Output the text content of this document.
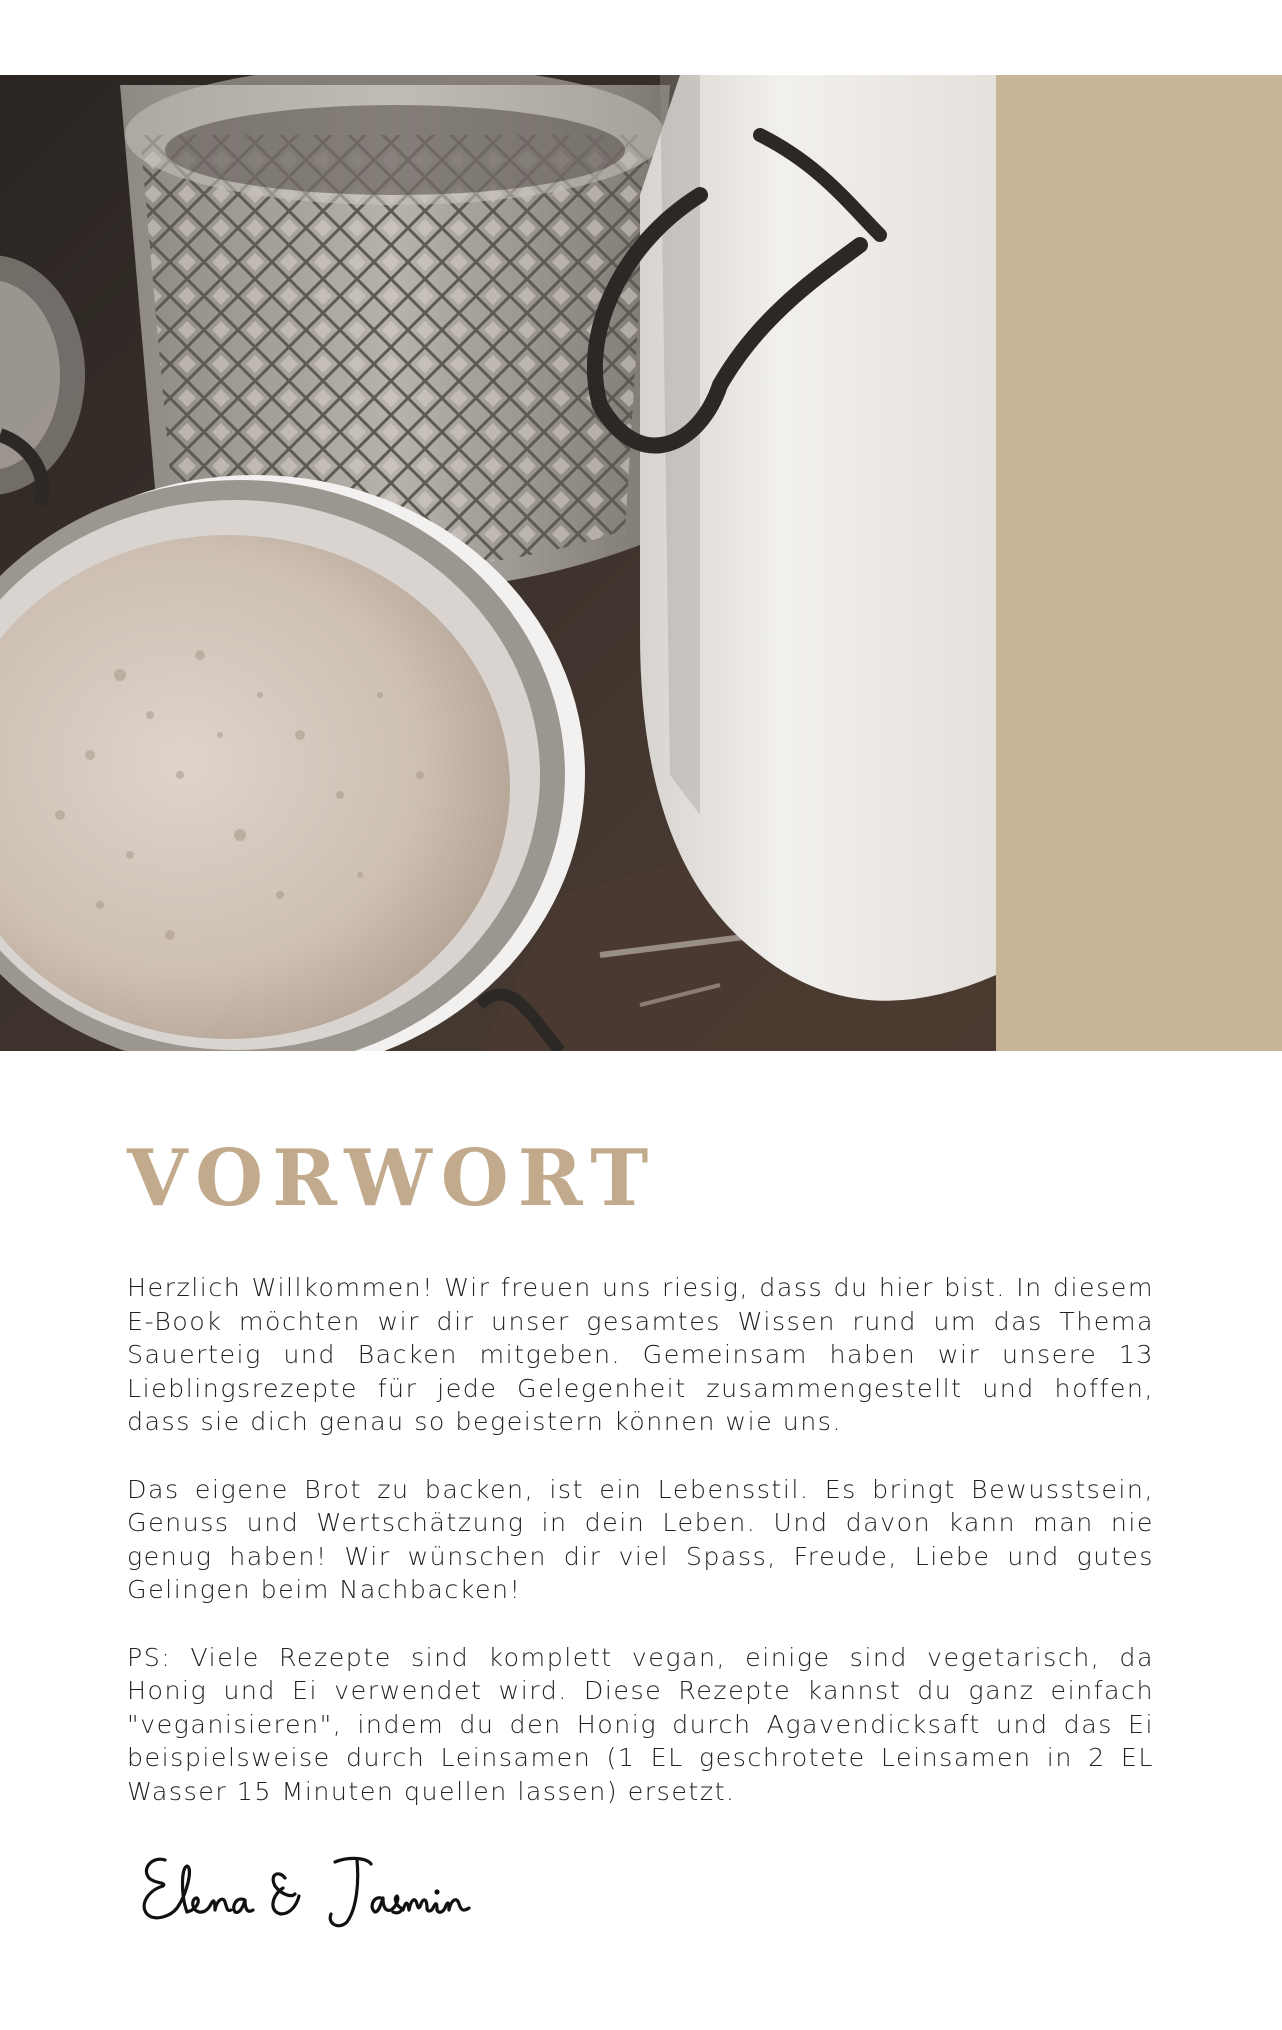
VORWORT

Herzlich Willkommen! Wir freuen uns riesig, dass du hier bist. In diesem E-Book möchten wir dir unser gesamtes Wissen rund um das Thema Sauerteig und Backen mitgeben. Gemeinsam haben wir unsere 13 Lieblingsrezepte für jede Gelegenheit zusammengestellt und hoffen, dass sie dich genau so begeistern können wie uns.

Das eigene Brot zu backen, ist ein Lebensstil. Es bringt Bewusstsein, Genuss und Wertschätzung in dein Leben. Und davon kann man nie genug haben! Wir wünschen dir viel Spass, Freude, Liebe und gutes Gelingen beim Nachbacken!

PS: Viele Rezepte sind komplett vegan, einige sind vegetarisch, da Honig und Ei verwendet wird. Diese Rezepte kannst du ganz einfach "veganisieren", indem du den Honig durch Agavendicksaft und das Ei beispielsweise durch Leinsamen (1 EL geschrotete Leinsamen in 2 EL Wasser 15 Minuten quellen lassen) ersetzt.
